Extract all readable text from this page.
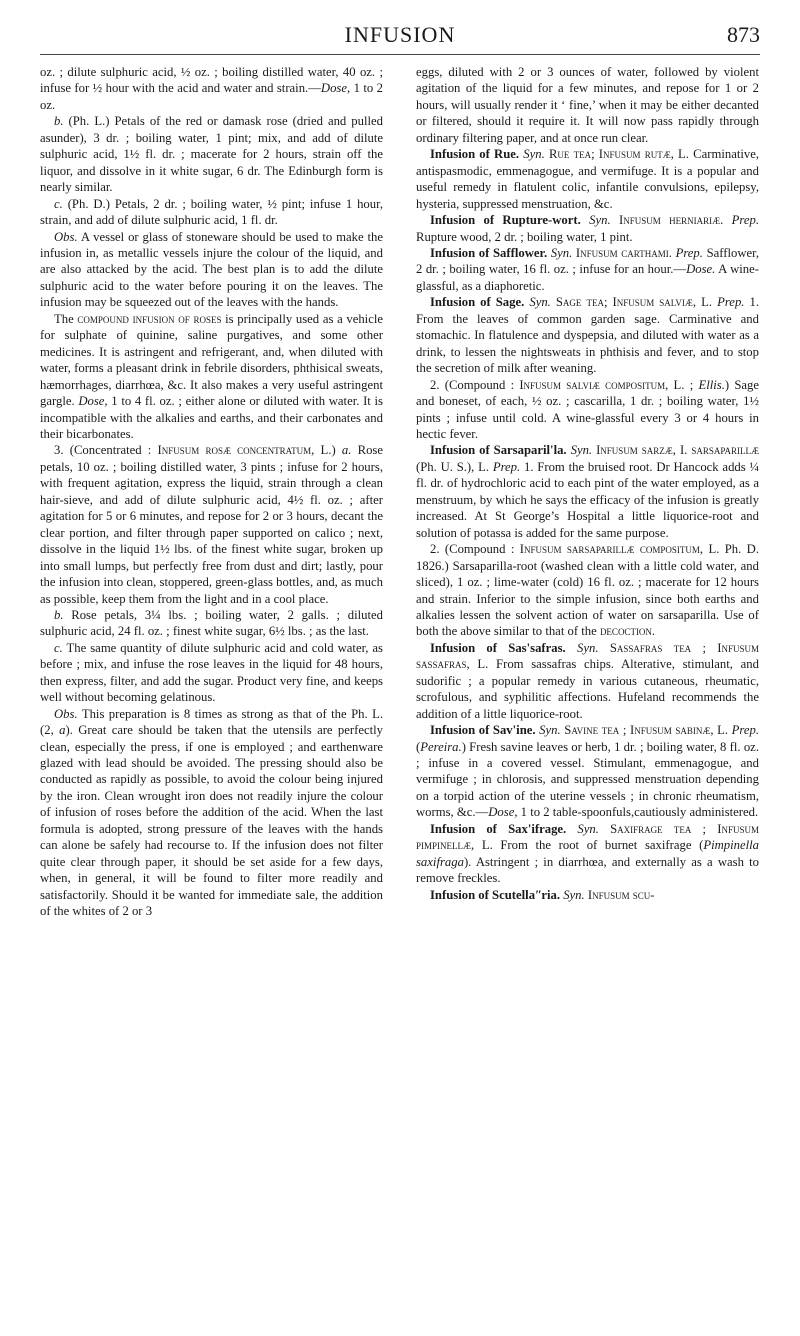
INFUSION	873

oz. ; dilute sulphuric acid, ½ oz. ; boiling distilled water, 40 oz. ; infuse for ½ hour with the acid and water and strain.—Dose, 1 to 2 oz.

b. (Ph. L.) Petals of the red or damask rose (dried and pulled asunder), 3 dr. ; boiling water, 1 pint; mix, and add of dilute sulphuric acid, 1½ fl. dr. ; macerate for 2 hours, strain off the liquor, and dissolve in it white sugar, 6 dr. The Edinburgh form is nearly similar.

c. (Ph. D.) Petals, 2 dr. ; boiling water, ½ pint; infuse 1 hour, strain, and add of dilute sulphuric acid, 1 fl. dr.

Obs. A vessel or glass of stoneware should be used to make the infusion in, as metallic vessels injure the colour of the liquid, and are also attacked by the acid. The best plan is to add the dilute sulphuric acid to the water before pouring it on the leaves. The infusion may be squeezed out of the leaves with the hands.

The compound infusion of roses is principally used as a vehicle for sulphate of quinine, saline purgatives, and some other medicines. It is astringent and refrigerant, and, when diluted with water, forms a pleasant drink in febrile disorders, phthisical sweats, hæmorrhages, diarrhœa, &c. It also makes a very useful astringent gargle. Dose, 1 to 4 fl. oz. ; either alone or diluted with water. It is incompatible with the alkalies and earths, and their carbonates and their bicarbonates.

3. (Concentrated : Infusum rosæ concentratum, L.) a. Rose petals, 10 oz. ; boiling distilled water, 3 pints ; infuse for 2 hours, with frequent agitation, express the liquid, strain through a clean hair-sieve, and add of dilute sulphuric acid, 4½ fl. oz. ; after agitation for 5 or 6 minutes, and repose for 2 or 3 hours, decant the clear portion, and filter through paper supported on calico ; next, dissolve in the liquid 1½ lbs. of the finest white sugar, broken up into small lumps, but perfectly free from dust and dirt; lastly, pour the infusion into clean, stoppered, green-glass bottles, and, as much as possible, keep them from the light and in a cool place.

b. Rose petals, 3¼ lbs. ; boiling water, 2 galls. ; diluted sulphuric acid, 24 fl. oz. ; finest white sugar, 6½ lbs. ; as the last.

c. The same quantity of dilute sulphuric acid and cold water, as before ; mix, and infuse the rose leaves in the liquid for 48 hours, then express, filter, and add the sugar. Product very fine, and keeps well without becoming gelatinous.

Obs. This preparation is 8 times as strong as that of the Ph. L. (2, a). Great care should be taken that the utensils are perfectly clean, especially the press, if one is employed ; and earthenware glazed with lead should be avoided. The pressing should also be conducted as rapidly as possible, to avoid the colour being injured by the iron. Clean wrought iron does not readily injure the colour of infusion of roses before the addition of the acid. When the last formula is adopted, strong pressure of the leaves with the hands can alone be safely had recourse to. If the infusion does not filter quite clear through paper, it should be set aside for a few days, when, in general, it will be found to filter more readily and satisfactorily. Should it be wanted for immediate sale, the addition of the whites of 2 or 3

eggs, diluted with 2 or 3 ounces of water, followed by violent agitation of the liquid for a few minutes, and repose for 1 or 2 hours, will usually render it ‘ fine,’ when it may be either decanted or filtered, should it require it. It will now pass rapidly through ordinary filtering paper, and at once run clear.

Infusion of Rue. Syn. Rue tea; Infusum rutæ, L. Carminative, antispasmodic, emmenagogue, and vermifuge. It is a popular and useful remedy in flatulent colic, infantile convulsions, epilepsy, hysteria, suppressed menstruation, &c.

Infusion of Rupture-wort. Syn. Infusum herniariæ. Prep. Rupture wood, 2 dr. ; boiling water, 1 pint.

Infusion of Safflower. Syn. Infusum carthami. Prep. Safflower, 2 dr. ; boiling water, 16 fl. oz. ; infuse for an hour.—Dose. A wine-glassful, as a diaphoretic.

Infusion of Sage. Syn. Sage tea; Infusum salviæ, L. Prep. 1. From the leaves of common garden sage. Carminative and stomachic. In flatulence and dyspepsia, and diluted with water as a drink, to lessen the nightsweats in phthisis and fever, and to stop the secretion of milk after weaning.

2. (Compound : Infusum salviæ compositum, L. ; Ellis.) Sage and boneset, of each, ½ oz. ; cascarilla, 1 dr. ; boiling water, 1½ pints ; infuse until cold. A wine-glassful every 3 or 4 hours in hectic fever.

Infusion of Sarsaparil'la. Syn. Infusum sarzæ, I. sarsaparillæ (Ph. U. S.), L. Prep. 1. From the bruised root. Dr Hancock adds ¼ fl. dr. of hydrochloric acid to each pint of the water employed, as a menstruum, by which he says the efficacy of the infusion is greatly increased. At St George’s Hospital a little liquorice-root and solution of potassa is added for the same purpose.

2. (Compound : Infusum sarsaparillæ compositum, L. Ph. D. 1826.) Sarsaparilla-root (washed clean with a little cold water, and sliced), 1 oz. ; lime-water (cold) 16 fl. oz. ; macerate for 12 hours and strain. Inferior to the simple infusion, since both earths and alkalies lessen the solvent action of water on sarsaparilla. Use of both the above similar to that of the decoction.

Infusion of Sas'safras. Syn. Sassafras tea ; Infusum sassafras, L. From sassafras chips. Alterative, stimulant, and sudorific ; a popular remedy in various cutaneous, rheumatic, scrofulous, and syphilitic affections. Hufeland recommends the addition of a little liquorice-root.

Infusion of Sav'ine. Syn. Savine tea ; Infusum sabinæ, L. Prep. (Pereira.) Fresh savine leaves or herb, 1 dr. ; boiling water, 8 fl. oz. ; infuse in a covered vessel. Stimulant, emmenagogue, and vermifuge ; in chlorosis, and suppressed menstruation depending on a torpid action of the uterine vessels ; in chronic rheumatism, worms, &c.—Dose, 1 to 2 table-spoonfuls,cautiously administered.

Infusion of Sax'ifrage. Syn. Saxifrage tea ; Infusum pimpinellæ, L. From the root of burnet saxifrage (Pimpinella saxifraga). Astringent ; in diarrhœa, and externally as a wash to remove freckles.

Infusion of Scutellaʺria. Syn. Infusum scu-
